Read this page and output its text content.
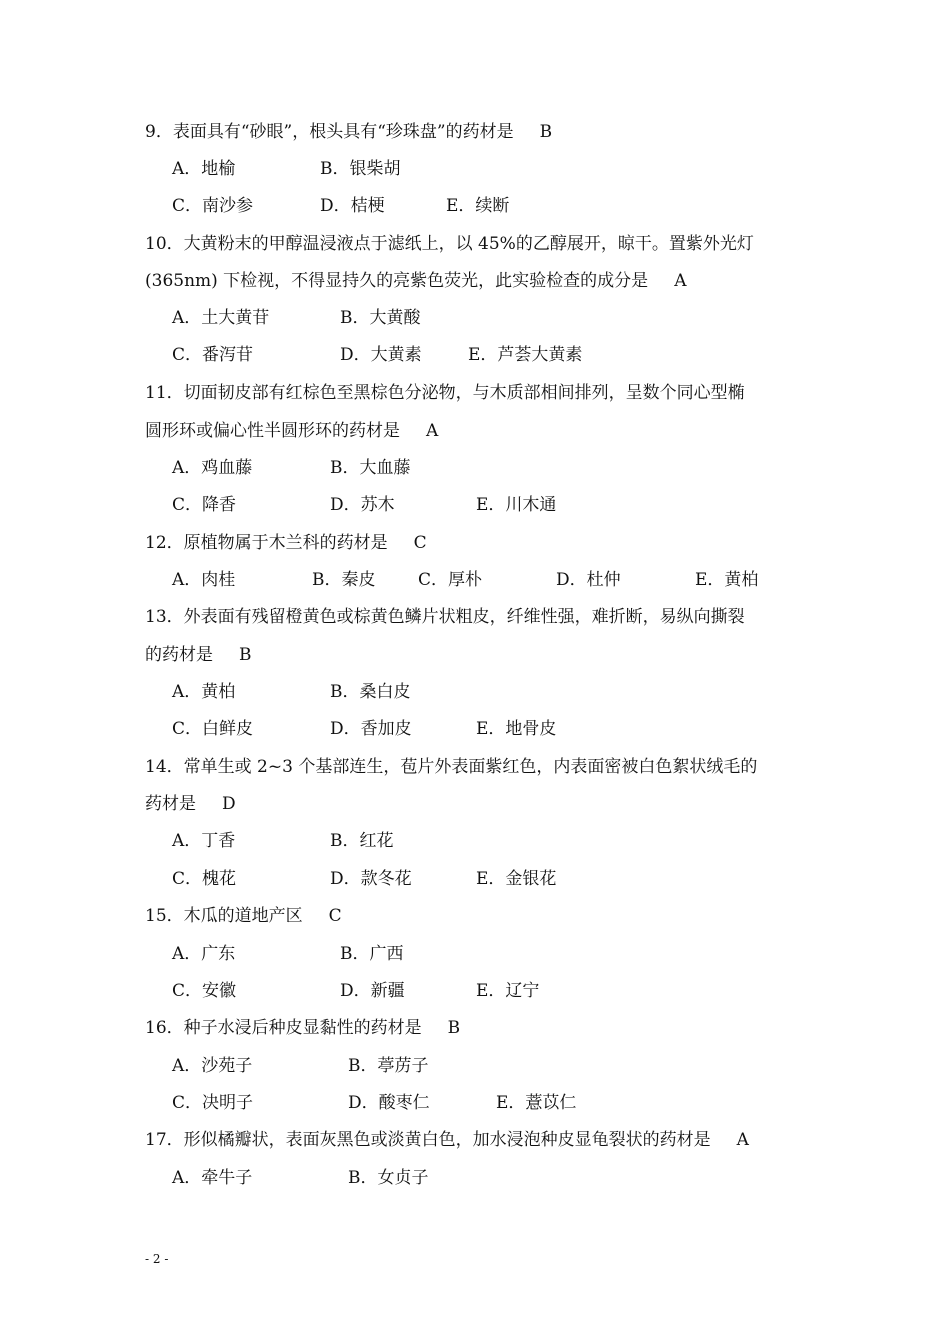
9．表面具有“砂眼”，根头具有“珍珠盘”的药材是 B
A．地榆	B．银柴胡
C．南沙参	D．桔梗	E．续断
10．大黄粉末的甲醇温浸液点于滤纸上，以 45%的乙醇展开，晾干。置紫外光灯
(365nm) 下检视，不得显持久的亮紫色荧光，此实验检查的成分是 A
A．土大黄苷	B．大黄酸
C．番泻苷	D．大黄素	E．芦荟大黄素
11．切面韧皮部有红棕色至黑棕色分泌物，与木质部相间排列，呈数个同心型椭
圆形环或偏心性半圆形环的药材是 A
A．鸡血藤	B．大血藤
C．降香	D．苏木	E．川木通
12．原植物属于木兰科的药材是 C
A．肉桂	B．秦皮	C．厚朴	D．杜仲	E．黄柏
13．外表面有残留橙黄色或棕黄色鳞片状粗皮，纤维性强，难折断，易纵向撕裂
的药材是 B
A．黄柏	B．桑白皮
C．白鲜皮	D．香加皮	E．地骨皮
14．常单生或 2~3 个基部连生，苞片外表面紫红色，内表面密被白色絮状绒毛的
药材是 D
A．丁香	B．红花
C．槐花	D．款冬花	E．金银花
15．木瓜的道地产区 C
A．广东	B．广西
C．安徽	D．新疆	E．辽宁
16．种子水浸后种皮显黏性的药材是 B
A．沙苑子	B．葶苈子
C．决明子	D．酸枣仁	E．薏苡仁
17．形似橘瓣状，表面灰黑色或淡黄白色，加水浸泡种皮显龟裂状的药材是 A
A．牵牛子	B．女贞子
- 2 -
